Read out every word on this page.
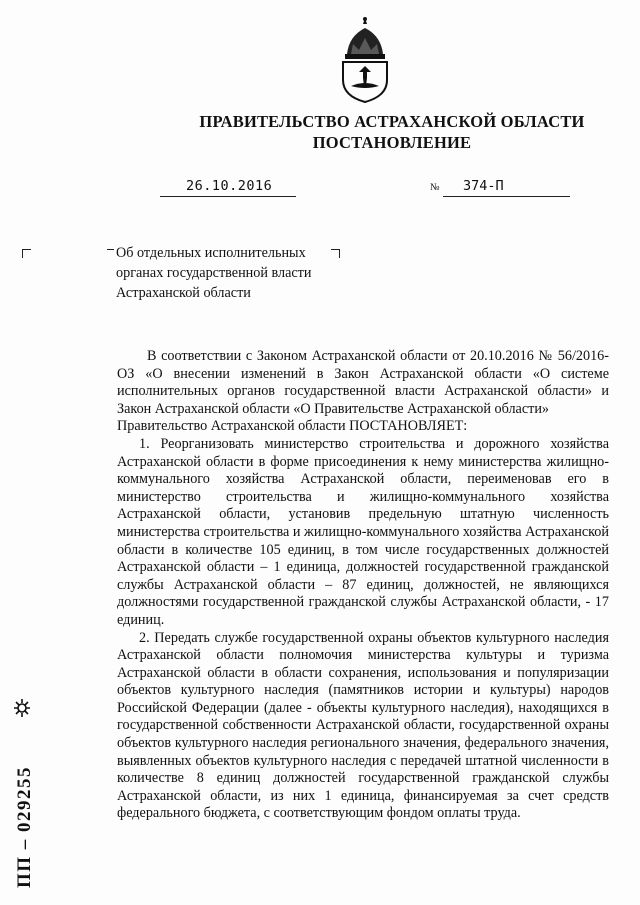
ПРАВИТЕЛЬСТВО АСТРАХАНСКОЙ ОБЛАСТИ
ПОСТАНОВЛЕНИЕ
26.10.2016	№ 374-П
Об отдельных исполнительных органах государственной власти Астраханской области

В соответствии с Законом Астраханской области от 20.10.2016 № 56/2016-ОЗ «О внесении изменений в Закон Астраханской области «О системе исполнительных органов государственной власти Астраханской области» и Закон Астраханской области «О Правительстве Астраханской области»

Правительство Астраханской области ПОСТАНОВЛЯЕТ:

1. Реорганизовать министерство строительства и дорожного хозяйства Астраханской области в форме присоединения к нему министерства жилищно-коммунального хозяйства Астраханской области, переименовав его в министерство строительства и жилищно-коммунального хозяйства Астраханской области, установив предельную штатную численность министерства строительства и жилищно-коммунального хозяйства Астраханской области в количестве 105 единиц, в том числе государственных должностей Астраханской области – 1 единица, должностей государственной гражданской службы Астраханской области – 87 единиц, должностей, не являющихся должностями государственной гражданской службы Астраханской области, - 17 единиц.

2. Передать службе государственной охраны объектов культурного наследия Астраханской области полномочия министерства культуры и туризма Астраханской области в области сохранения, использования и популяризации объектов культурного наследия (памятников истории и культуры) народов Российской Федерации (далее - объекты культурного наследия), находящихся в государственной собственности Астраханской области, государственной охраны объектов культурного наследия регионального значения, федерального значения, выявленных объектов культурного наследия с передачей штатной численности в количестве 8 единиц должностей государственной гражданской службы Астраханской области, из них 1 единица, финансируемая за счет средств федерального бюджета, с соответствующим фондом оплаты труда.

ПП – 029255
